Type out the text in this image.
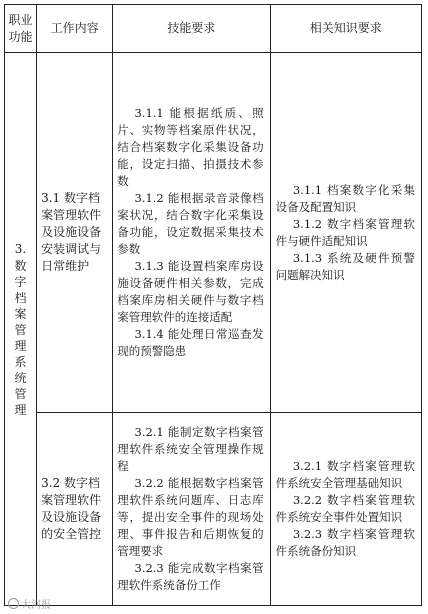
职业功能	工作内容	技能要求	相关知识要求

3.
数字档案管理系统管理	3.1 数字档案管理软件及设施设备安装调试与日常维护	3.1.1 能根据纸质、照片、实物等档案原件状况，结合档案数字化采集设备功能，设定扫描、拍摄技术参数
3.1.2 能根据录音录像档案状况，结合数字化采集设备功能，设定数据采集技术参数
3.1.3 能设置档案库房设施设备硬件相关参数，完成档案库房相关硬件与数字档案管理软件的连接适配
3.1.4 能处理日常巡查发现的预警隐患	3.1.1 档案数字化采集设备及配置知识
3.1.2 数字档案管理软件与硬件适配知识
3.1.3 系统及硬件预警问题解决知识

	3.2 数字档案管理软件及设施设备的安全管控	3.2.1 能制定数字档案管理软件系统安全管理操作规程
3.2.2 能根据数字档案管理软件系统问题库、日志库等，提出安全事件的现场处理、事件报告和后期恢复的管理要求
3.2.3 能完成数字档案管理软件系统备份工作	3.2.1 数字档案管理软件系统安全管理基础知识
3.2.2 数字档案管理软件系统安全事件处置知识
3.2.3 数字档案管理软件系统备份知识
大河报
